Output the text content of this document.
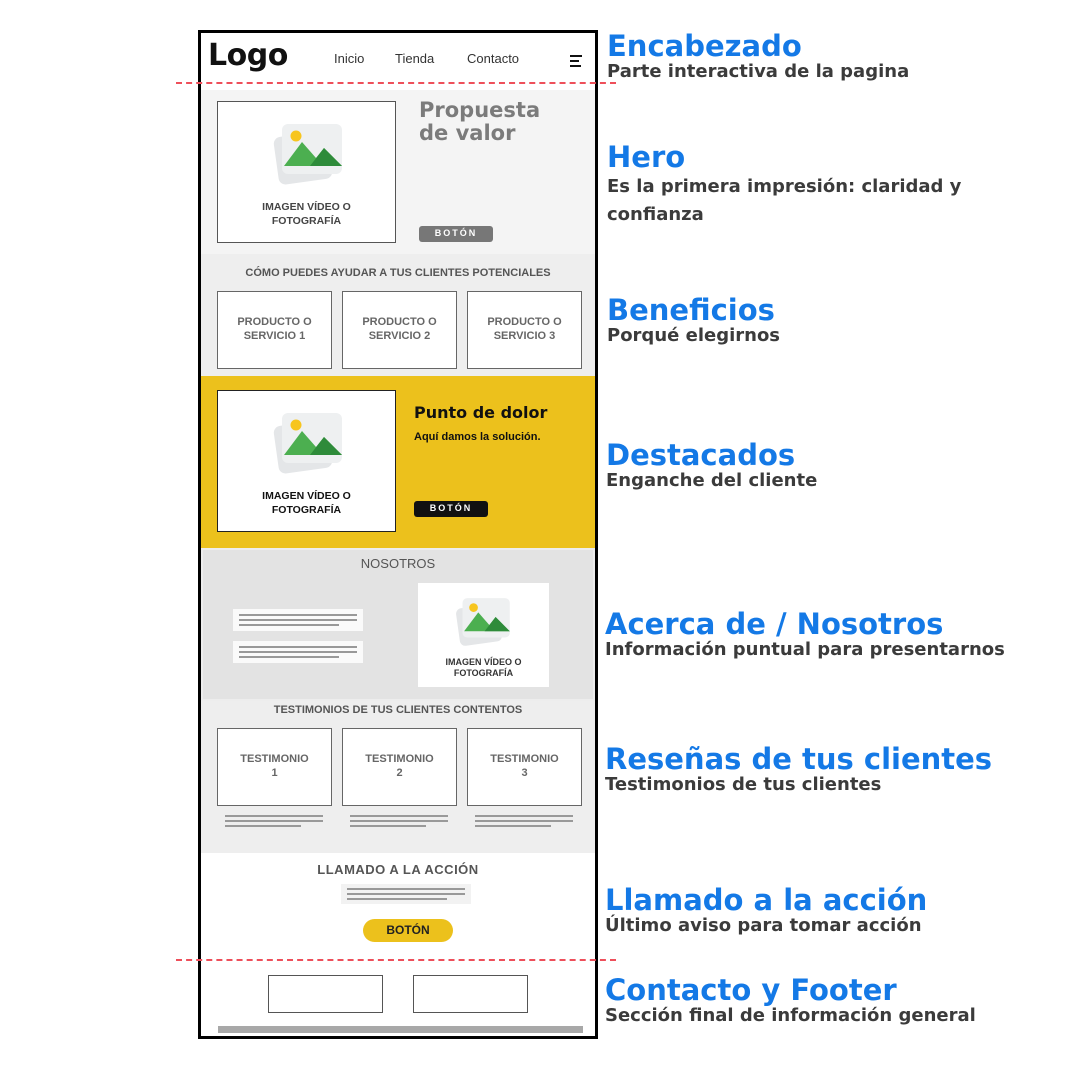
Logo	Inicio Tienda	Contacto
IMAGEN VÍDEO O
FOTOGRAFÍA
Propuesta
de valor
BOTÓN
CÓMO PUEDES AYUDAR A TUS CLIENTES POTENCIALES
PRODUCTO O
SERVICIO 1
PRODUCTO O
SERVICIO 2
PRODUCTO O
SERVICIO 3
IMAGEN VÍDEO O
FOTOGRAFÍA
Punto de dolor
Aquí damos la solución.
BOTÓN
NOSOTROS
IMAGEN VÍDEO O
FOTOGRAFÍA
TESTIMONIOS DE TUS CLIENTES CONTENTOS
TESTIMONIO
1
TESTIMONIO
2
TESTIMONIO
3
LLAMADO A LA ACCIÓN
BOTÓN
Encabezado
Parte interactiva de la pagina
Hero
Es la primera impresión: claridad y confianza
Beneficios
Porqué elegirnos
Destacados
Enganche del cliente
Acerca de / Nosotros
Información puntual para presentarnos
Reseñas de tus clientes
Testimonios de tus clientes
Llamado a la acción
Último aviso para tomar acción
Contacto y Footer
Sección final de información general
